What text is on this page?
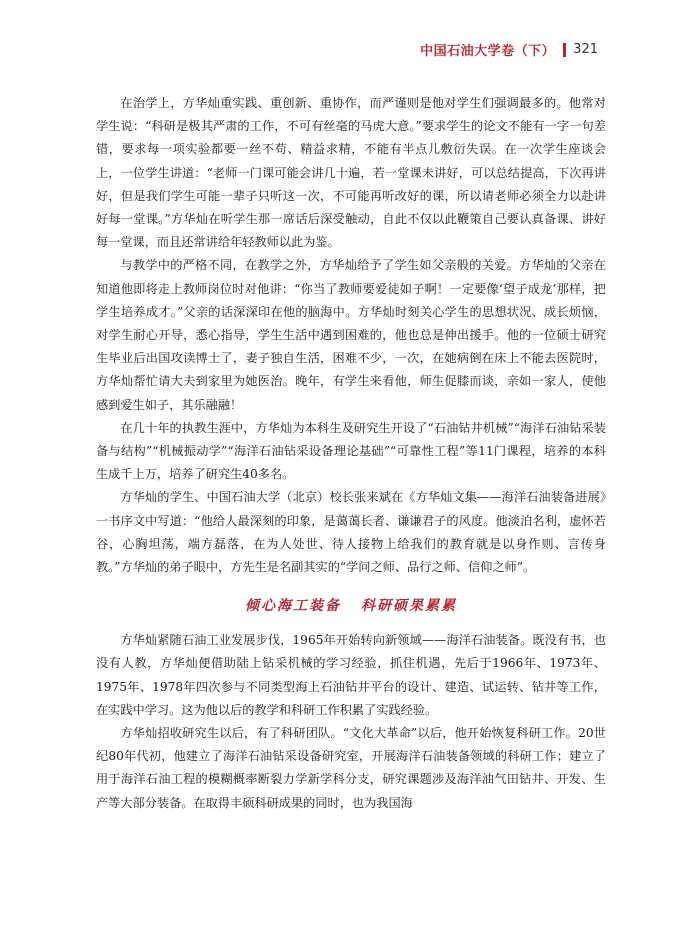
中国石油大学卷（下） 321

在治学上，方华灿重实践、重创新、重协作，而严谨则是他对学生们强调最多的。他常对学生说：“科研是极其严肃的工作，不可有丝毫的马虎大意。”要求学生的论文不能有一字一句差错，要求每一项实验都要一丝不苟、精益求精，不能有半点儿敷衍失误。在一次学生座谈会上，一位学生讲道：“老师一门课可能会讲几十遍，若一堂课未讲好，可以总结提高，下次再讲好，但是我们学生可能一辈子只听这一次，不可能再听改好的课，所以请老师必须全力以赴讲好每一堂课。”方华灿在听学生那一席话后深受触动，自此不仅以此鞭策自己要认真备课、讲好每一堂课，而且还常讲给年轻教师以此为鉴。

与教学中的严格不同，在教学之外，方华灿给予了学生如父亲般的关爱。方华灿的父亲在知道他即将走上教师岗位时对他讲：“你当了教师要爱徒如子啊！一定要像‘望子成龙’那样，把学生培养成才。”父亲的话深深印在他的脑海中。方华灿时刻关心学生的思想状况、成长烦恼，对学生耐心开导，悉心指导，学生生活中遇到困难的，他也总是伸出援手。他的一位硕士研究生毕业后出国攻读博士了，妻子独自生活，困难不少，一次，在她病倒在床上不能去医院时，方华灿帮忙请大夫到家里为她医治。晚年，有学生来看他，师生促膝而谈，亲如一家人，使他感到爱生如子，其乐融融！

在几十年的执教生涯中，方华灿为本科生及研究生开设了“石油钻井机械”“海洋石油钻采装备与结构”“机械振动学”“海洋石油钻采设备理论基础”“可靠性工程”等11门课程，培养的本科生成千上万，培养了研究生40多名。

方华灿的学生、中国石油大学（北京）校长张来斌在《方华灿文集——海洋石油装备进展》一书序文中写道：“他给人最深刻的印象，是蔼蔼长者、谦谦君子的风度。他淡泊名利，虚怀若谷，心胸坦荡，端方磊落，在为人处世、待人接物上给我们的教育就是以身作则、言传身教。”方华灿的弟子眼中，方先生是名副其实的“学问之师、品行之师、信仰之师”。

倾心海工装备 科研硕果累累

方华灿紧随石油工业发展步伐，1965年开始转向新领域——海洋石油装备。既没有书，也没有人教，方华灿便借助陆上钻采机械的学习经验，抓住机遇，先后于1966年、1973年、1975年、1978年四次参与不同类型海上石油钻井平台的设计、建造、试运转、钻井等工作，在实践中学习。这为他以后的教学和科研工作积累了实践经验。

方华灿招收研究生以后，有了科研团队。“文化大革命”以后，他开始恢复科研工作。20世纪80年代初，他建立了海洋石油钻采设备研究室，开展海洋石油装备领域的科研工作；建立了用于海洋石油工程的模糊概率断裂力学新学科分支，研究课题涉及海洋油气田钻井、开发、生产等大部分装备。在取得丰硕科研成果的同时，也为我国海
